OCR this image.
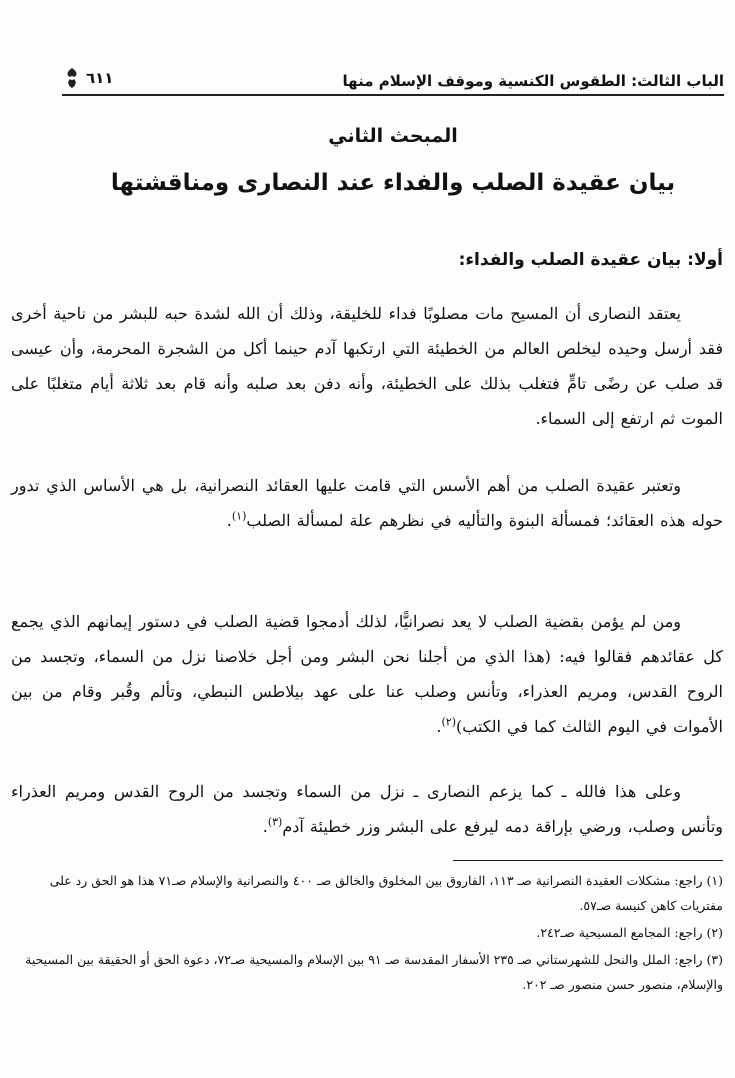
الباب الثالث: الطقوس الكنسية وموقف الإسلام منها
٦١١
المبحث الثاني
بيان عقيدة الصلب والفداء عند النصارى ومناقشتها
أولا: بيان عقيدة الصلب والفداء:
يعتقد النصارى أن المسيح مات مصلوبًا فداء للخليقة، وذلك أن الله لشدة حبه للبشر من ناحية أخرى فقد أرسل وحيده ليخلص العالم من الخطيئة التي ارتكبها آدم حينما أكل من الشجرة المحرمة، وأن عيسى قد صلب عن رضًى تامٍّ فتغلب بذلك على الخطيئة، وأنه دفن بعد صلبه وأنه قام بعد ثلاثة أيام متغلبًا على الموت ثم ارتفع إلى السماء.
وتعتبر عقيدة الصلب من أهم الأسس التي قامت عليها العقائد النصرانية، بل هي الأساس الذي تدور حوله هذه العقائد؛ فمسألة البنوة والتأليه في نظرهم علة لمسألة الصلب$^{(١)}$.
ومن لم يؤمن بقضية الصلب لا يعد نصرانيًّا، لذلك أدمجوا قضية الصلب في دستور إيمانهم الذي يجمع كل عقائدهم فقالوا فيه: (هذا الذي من أجلنا نحن البشر ومن أجل خلاصنا نزل من السماء، وتجسد من الروح القدس، ومريم العذراء، وتأنس وصلب عنا على عهد بيلاطس النبطي، وتألم وقُبر وقام من بين الأموات في اليوم الثالث كما في الكتب)$^{(٢)}$.
وعلى هذا فالله ـ كما يزعم النصارى ـ نزل من السماء وتجسد من الروح القدس ومريم العذراء وتأنس وصلب، ورضي بإراقة دمه ليرفع على البشر وزر خطيئة آدم$^{(٣)}$.

(١)راجع: مشكلات العقيدة النصرانية صـ ١١٣، الفاروق بين المخلوق والخالق صـ ٤٠٠ والنصرانية والإسلام صـ٧١ هذا هو الحق رد على مفتريات كاهن كنيسة صـ٥٧.

(٢)راجع: المجامع المسيحية صـ٢٤٢.

(٣)راجع: الملل والنحل للشهرستاني صـ ٢٣٥ الأسفار المقدسة صـ ٩١ بين الإسلام والمسيحية صـ٧٢، دعوة الحق أو الحقيقة بين المسيحية والإسلام، منصور حسن منصور صـ ٢٠٢.
